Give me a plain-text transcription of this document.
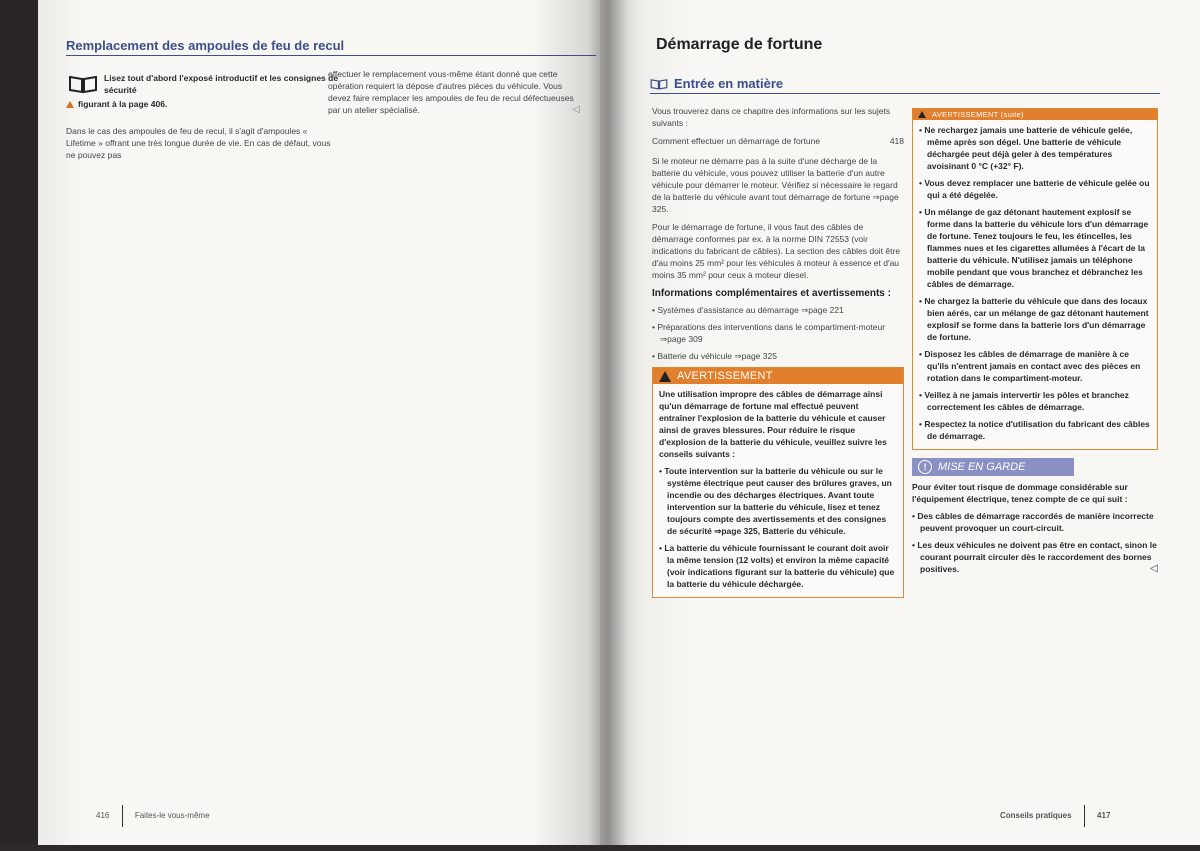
Remplacement des ampoules de feu de recul
Lisez tout d'abord l'exposé introductif et les consignes de sécurité
figurant à la page 406.
Dans le cas des ampoules de feu de recul, il s'agit d'ampoules « Lifetime » offrant une très longue durée de vie. En cas de défaut, vous ne pouvez pas
effectuer le remplacement vous-même étant donné que cette opération requiert la dépose d'autres pièces du véhicule. Vous devez faire remplacer les ampoules de feu de recul défectueuses par un atelier spécialisé.	◁
416	Faites-le vous-même
Démarrage de fortune
Entrée en matière

Vous trouverez dans ce chapitre des informations sur les sujets suivants :

Comment effectuer un démarrage de fortune	418

Si le moteur ne démarre pas à la suite d'une décharge de la batterie du véhicule, vous pouvez utiliser la batterie d'un autre véhicule pour démarrer le moteur. Vérifiez si nécessaire le regard de la batterie du véhicule avant tout démarrage de fortune ⇒page 325.

Pour le démarrage de fortune, il vous faut des câbles de démarrage conformes par ex. à la norme DIN 72553 (voir indications du fabricant de câbles). La section des câbles doit être d'au moins 25 mm² pour les véhicules à moteur à essence et d'au moins 35 mm² pour ceux à moteur diesel.

Informations complémentaires et avertissements :
• Systèmes d'assistance au démarrage ⇒page 221
• Préparations des interventions dans le compartiment-moteur ⇒page 309
• Batterie du véhicule ⇒page 325
AVERTISSEMENT
Une utilisation impropre des câbles de démarrage ainsi qu'un démarrage de fortune mal effectué peuvent entraîner l'explosion de la batterie du véhicule et causer ainsi de graves blessures. Pour réduire le risque d'explosion de la batterie du véhicule, veuillez suivre les conseils suivants :
• Toute intervention sur la batterie du véhicule ou sur le système électrique peut causer des brûlures graves, un incendie ou des décharges électriques. Avant toute intervention sur la batterie du véhicule, lisez et tenez toujours compte des avertissements et des consignes de sécurité ⇒page 325, Batterie du véhicule.
• La batterie du véhicule fournissant le courant doit avoir la même tension (12 volts) et environ la même capacité (voir indications figurant sur la batterie du véhicule) que la batterie du véhicule déchargée.
AVERTISSEMENT (suite)
• Ne rechargez jamais une batterie de véhicule gelée, même après son dégel. Une batterie de véhicule déchargée peut déjà geler à des températures avoisinant 0 °C (+32° F).
• Vous devez remplacer une batterie de véhicule gelée ou qui a été dégelée.
• Un mélange de gaz détonant hautement explosif se forme dans la batterie du véhicule lors d'un démarrage de fortune. Tenez toujours le feu, les étincelles, les flammes nues et les cigarettes allumées à l'écart de la batterie du véhicule. N'utilisez jamais un téléphone mobile pendant que vous branchez et débranchez les câbles de démarrage.
• Ne chargez la batterie du véhicule que dans des locaux bien aérés, car un mélange de gaz détonant hautement explosif se forme dans la batterie lors d'un démarrage de fortune.
• Disposez les câbles de démarrage de manière à ce qu'ils n'entrent jamais en contact avec des pièces en rotation dans le compartiment-moteur.
• Veillez à ne jamais intervertir les pôles et branchez correctement les câbles de démarrage.
• Respectez la notice d'utilisation du fabricant des câbles de démarrage.
!	MISE EN GARDE
Pour éviter tout risque de dommage considérable sur l'équipement électrique, tenez compte de ce qui suit :
• Des câbles de démarrage raccordés de manière incorrecte peuvent provoquer un court-circuit.
• Les deux véhicules ne doivent pas être en contact, sinon le courant pourrait circuler dès le raccordement des bornes positives.	◁
Conseils pratiques	417
